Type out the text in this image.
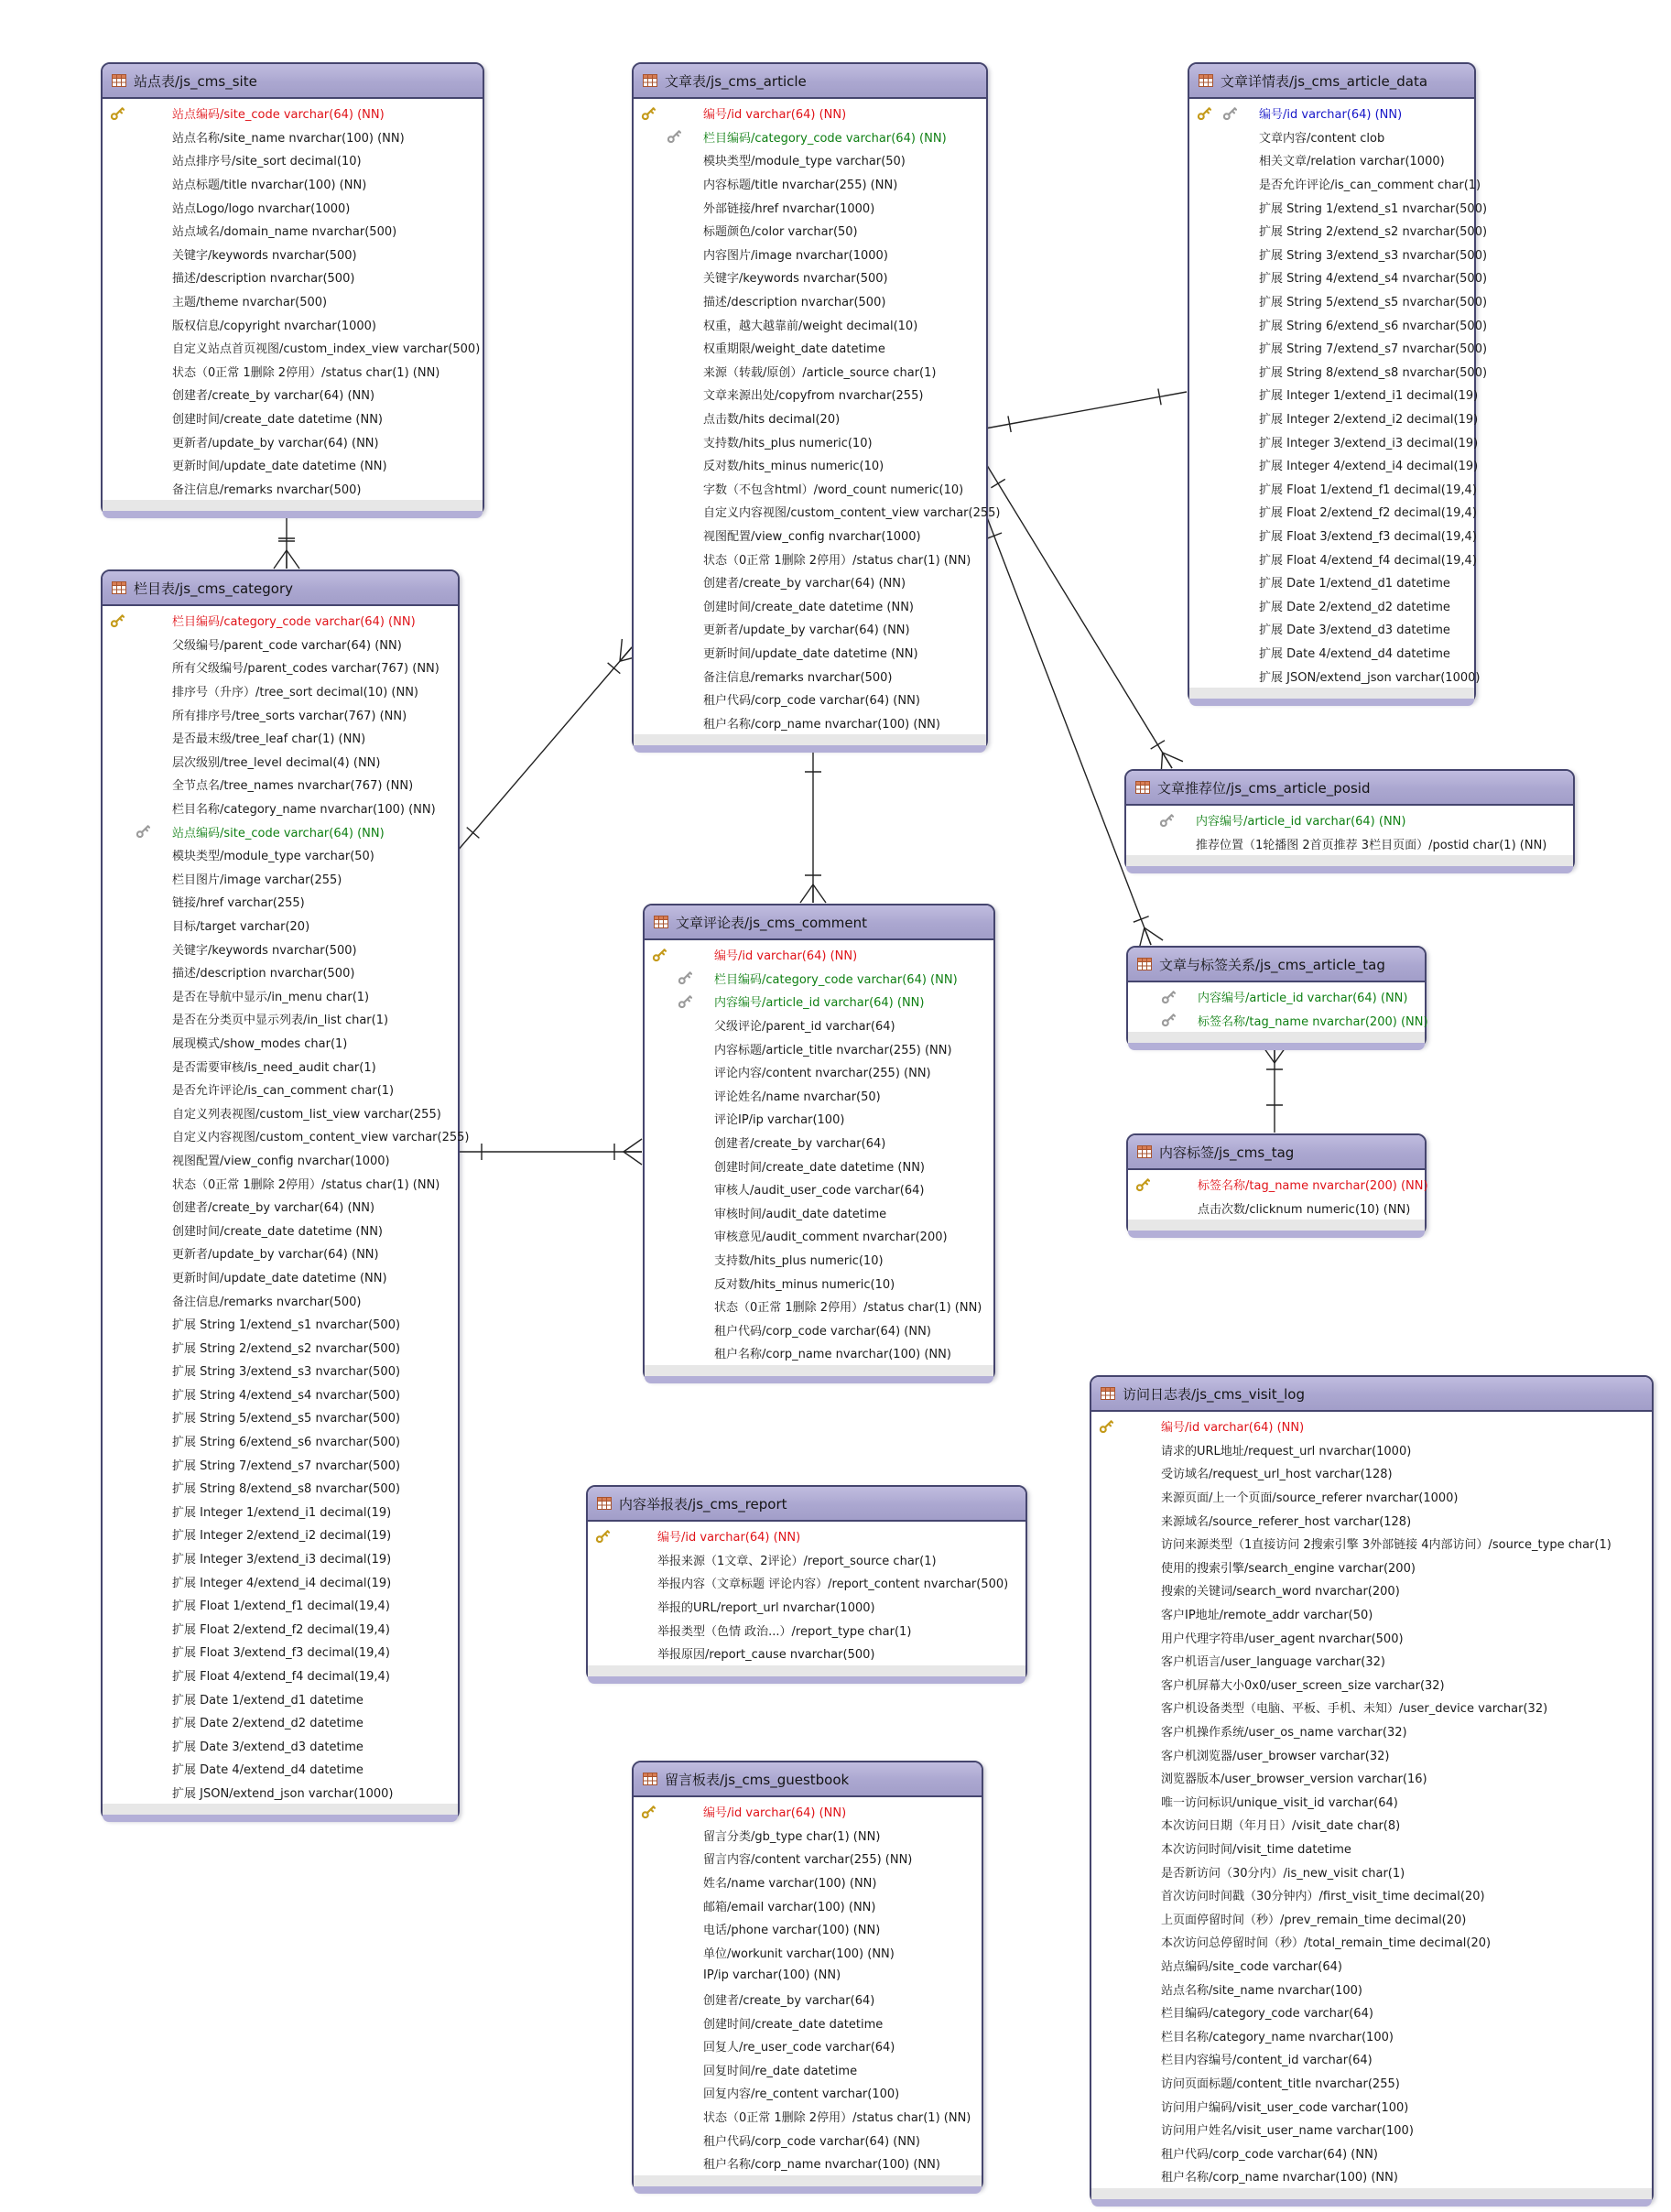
站点表/js_cms_site
站点编码/site_code varchar(64) (NN)
站点名称/site_name nvarchar(100) (NN)
站点排序号/site_sort decimal(10)
站点标题/title nvarchar(100) (NN)
站点Logo/logo nvarchar(1000)
站点域名/domain_name nvarchar(500)
关键字/keywords nvarchar(500)
描述/description nvarchar(500)
主题/theme nvarchar(500)
版权信息/copyright nvarchar(1000)
自定义站点首页视图/custom_index_view varchar(500)
状态（0正常 1删除 2停用）/status char(1) (NN)
创建者/create_by varchar(64) (NN)
创建时间/create_date datetime (NN)
更新者/update_by varchar(64) (NN)
更新时间/update_date datetime (NN)
备注信息/remarks nvarchar(500)
文章表/js_cms_article
编号/id varchar(64) (NN)
栏目编码/category_code varchar(64) (NN)
模块类型/module_type varchar(50)
内容标题/title nvarchar(255) (NN)
外部链接/href nvarchar(1000)
标题颜色/color varchar(50)
内容图片/image nvarchar(1000)
关键字/keywords nvarchar(500)
描述/description nvarchar(500)
权重，越大越靠前/weight decimal(10)
权重期限/weight_date datetime
来源（转载/原创）/article_source char(1)
文章来源出处/copyfrom nvarchar(255)
点击数/hits decimal(20)
支持数/hits_plus numeric(10)
反对数/hits_minus numeric(10)
字数（不包含html）/word_count numeric(10)
自定义内容视图/custom_content_view varchar(255)
视图配置/view_config nvarchar(1000)
状态（0正常 1删除 2停用）/status char(1) (NN)
创建者/create_by varchar(64) (NN)
创建时间/create_date datetime (NN)
更新者/update_by varchar(64) (NN)
更新时间/update_date datetime (NN)
备注信息/remarks nvarchar(500)
租户代码/corp_code varchar(64) (NN)
租户名称/corp_name nvarchar(100) (NN)
文章详情表/js_cms_article_data
编号/id varchar(64) (NN)
文章内容/content clob
相关文章/relation varchar(1000)
是否允许评论/is_can_comment char(1)
扩展 String 1/extend_s1 nvarchar(500)
扩展 String 2/extend_s2 nvarchar(500)
扩展 String 3/extend_s3 nvarchar(500)
扩展 String 4/extend_s4 nvarchar(500)
扩展 String 5/extend_s5 nvarchar(500)
扩展 String 6/extend_s6 nvarchar(500)
扩展 String 7/extend_s7 nvarchar(500)
扩展 String 8/extend_s8 nvarchar(500)
扩展 Integer 1/extend_i1 decimal(19)
扩展 Integer 2/extend_i2 decimal(19)
扩展 Integer 3/extend_i3 decimal(19)
扩展 Integer 4/extend_i4 decimal(19)
扩展 Float 1/extend_f1 decimal(19,4)
扩展 Float 2/extend_f2 decimal(19,4)
扩展 Float 3/extend_f3 decimal(19,4)
扩展 Float 4/extend_f4 decimal(19,4)
扩展 Date 1/extend_d1 datetime
扩展 Date 2/extend_d2 datetime
扩展 Date 3/extend_d3 datetime
扩展 Date 4/extend_d4 datetime
扩展 JSON/extend_json varchar(1000)
栏目表/js_cms_category
栏目编码/category_code varchar(64) (NN)
父级编号/parent_code varchar(64) (NN)
所有父级编号/parent_codes varchar(767) (NN)
排序号（升序）/tree_sort decimal(10) (NN)
所有排序号/tree_sorts varchar(767) (NN)
是否最末级/tree_leaf char(1) (NN)
层次级别/tree_level decimal(4) (NN)
全节点名/tree_names nvarchar(767) (NN)
栏目名称/category_name nvarchar(100) (NN)
站点编码/site_code varchar(64) (NN)
模块类型/module_type varchar(50)
栏目图片/image varchar(255)
链接/href varchar(255)
目标/target varchar(20)
关键字/keywords nvarchar(500)
描述/description nvarchar(500)
是否在导航中显示/in_menu char(1)
是否在分类页中显示列表/in_list char(1)
展现模式/show_modes char(1)
是否需要审核/is_need_audit char(1)
是否允许评论/is_can_comment char(1)
自定义列表视图/custom_list_view varchar(255)
自定义内容视图/custom_content_view varchar(255)
视图配置/view_config nvarchar(1000)
状态（0正常 1删除 2停用）/status char(1) (NN)
创建者/create_by varchar(64) (NN)
创建时间/create_date datetime (NN)
更新者/update_by varchar(64) (NN)
更新时间/update_date datetime (NN)
备注信息/remarks nvarchar(500)
扩展 String 1/extend_s1 nvarchar(500)
扩展 String 2/extend_s2 nvarchar(500)
扩展 String 3/extend_s3 nvarchar(500)
扩展 String 4/extend_s4 nvarchar(500)
扩展 String 5/extend_s5 nvarchar(500)
扩展 String 6/extend_s6 nvarchar(500)
扩展 String 7/extend_s7 nvarchar(500)
扩展 String 8/extend_s8 nvarchar(500)
扩展 Integer 1/extend_i1 decimal(19)
扩展 Integer 2/extend_i2 decimal(19)
扩展 Integer 3/extend_i3 decimal(19)
扩展 Integer 4/extend_i4 decimal(19)
扩展 Float 1/extend_f1 decimal(19,4)
扩展 Float 2/extend_f2 decimal(19,4)
扩展 Float 3/extend_f3 decimal(19,4)
扩展 Float 4/extend_f4 decimal(19,4)
扩展 Date 1/extend_d1 datetime
扩展 Date 2/extend_d2 datetime
扩展 Date 3/extend_d3 datetime
扩展 Date 4/extend_d4 datetime
扩展 JSON/extend_json varchar(1000)
文章推荐位/js_cms_article_posid
内容编号/article_id varchar(64) (NN)
推荐位置（1轮播图 2首页推荐 3栏目页面）/postid char(1) (NN)
文章与标签关系/js_cms_article_tag
内容编号/article_id varchar(64) (NN)
标签名称/tag_name nvarchar(200) (NN)
内容标签/js_cms_tag
标签名称/tag_name nvarchar(200) (NN)
点击次数/clicknum numeric(10) (NN)
文章评论表/js_cms_comment
编号/id varchar(64) (NN)
栏目编码/category_code varchar(64) (NN)
内容编号/article_id varchar(64) (NN)
父级评论/parent_id varchar(64)
内容标题/article_title nvarchar(255) (NN)
评论内容/content nvarchar(255) (NN)
评论姓名/name nvarchar(50)
评论IP/ip varchar(100)
创建者/create_by varchar(64)
创建时间/create_date datetime (NN)
审核人/audit_user_code varchar(64)
审核时间/audit_date datetime
审核意见/audit_comment nvarchar(200)
支持数/hits_plus numeric(10)
反对数/hits_minus numeric(10)
状态（0正常 1删除 2停用）/status char(1) (NN)
租户代码/corp_code varchar(64) (NN)
租户名称/corp_name nvarchar(100) (NN)
内容举报表/js_cms_report
编号/id varchar(64) (NN)
举报来源（1文章、2评论）/report_source char(1)
举报内容（文章标题 评论内容）/report_content nvarchar(500)
举报的URL/report_url nvarchar(1000)
举报类型（色情 政治...）/report_type char(1)
举报原因/report_cause nvarchar(500)
留言板表/js_cms_guestbook
编号/id varchar(64) (NN)
留言分类/gb_type char(1) (NN)
留言内容/content varchar(255) (NN)
姓名/name varchar(100) (NN)
邮箱/email varchar(100) (NN)
电话/phone varchar(100) (NN)
单位/workunit varchar(100) (NN)
IP/ip varchar(100) (NN)
创建者/create_by varchar(64)
创建时间/create_date datetime
回复人/re_user_code varchar(64)
回复时间/re_date datetime
回复内容/re_content varchar(100)
状态（0正常 1删除 2停用）/status char(1) (NN)
租户代码/corp_code varchar(64) (NN)
租户名称/corp_name nvarchar(100) (NN)
访问日志表/js_cms_visit_log
编号/id varchar(64) (NN)
请求的URL地址/request_url nvarchar(1000)
受访域名/request_url_host varchar(128)
来源页面/上一个页面/source_referer nvarchar(1000)
来源域名/source_referer_host varchar(128)
访问来源类型（1直接访问 2搜索引擎 3外部链接 4内部访问）/source_type char(1)
使用的搜索引擎/search_engine varchar(200)
搜索的关键词/search_word nvarchar(200)
客户IP地址/remote_addr varchar(50)
用户代理字符串/user_agent nvarchar(500)
客户机语言/user_language varchar(32)
客户机屏幕大小0x0/user_screen_size varchar(32)
客户机设备类型（电脑、平板、手机、未知）/user_device varchar(32)
客户机操作系统/user_os_name varchar(32)
客户机浏览器/user_browser varchar(32)
浏览器版本/user_browser_version varchar(16)
唯一访问标识/unique_visit_id varchar(64)
本次访问日期（年月日）/visit_date char(8)
本次访问时间/visit_time datetime
是否新访问（30分内）/is_new_visit char(1)
首次访问时间戳（30分钟内）/first_visit_time decimal(20)
上页面停留时间（秒）/prev_remain_time decimal(20)
本次访问总停留时间（秒）/total_remain_time decimal(20)
站点编码/site_code varchar(64)
站点名称/site_name nvarchar(100)
栏目编码/category_code varchar(64)
栏目名称/category_name nvarchar(100)
栏目内容编号/content_id varchar(64)
访问页面标题/content_title nvarchar(255)
访问用户编码/visit_user_code varchar(100)
访问用户姓名/visit_user_name varchar(100)
租户代码/corp_code varchar(64) (NN)
租户名称/corp_name nvarchar(100) (NN)
